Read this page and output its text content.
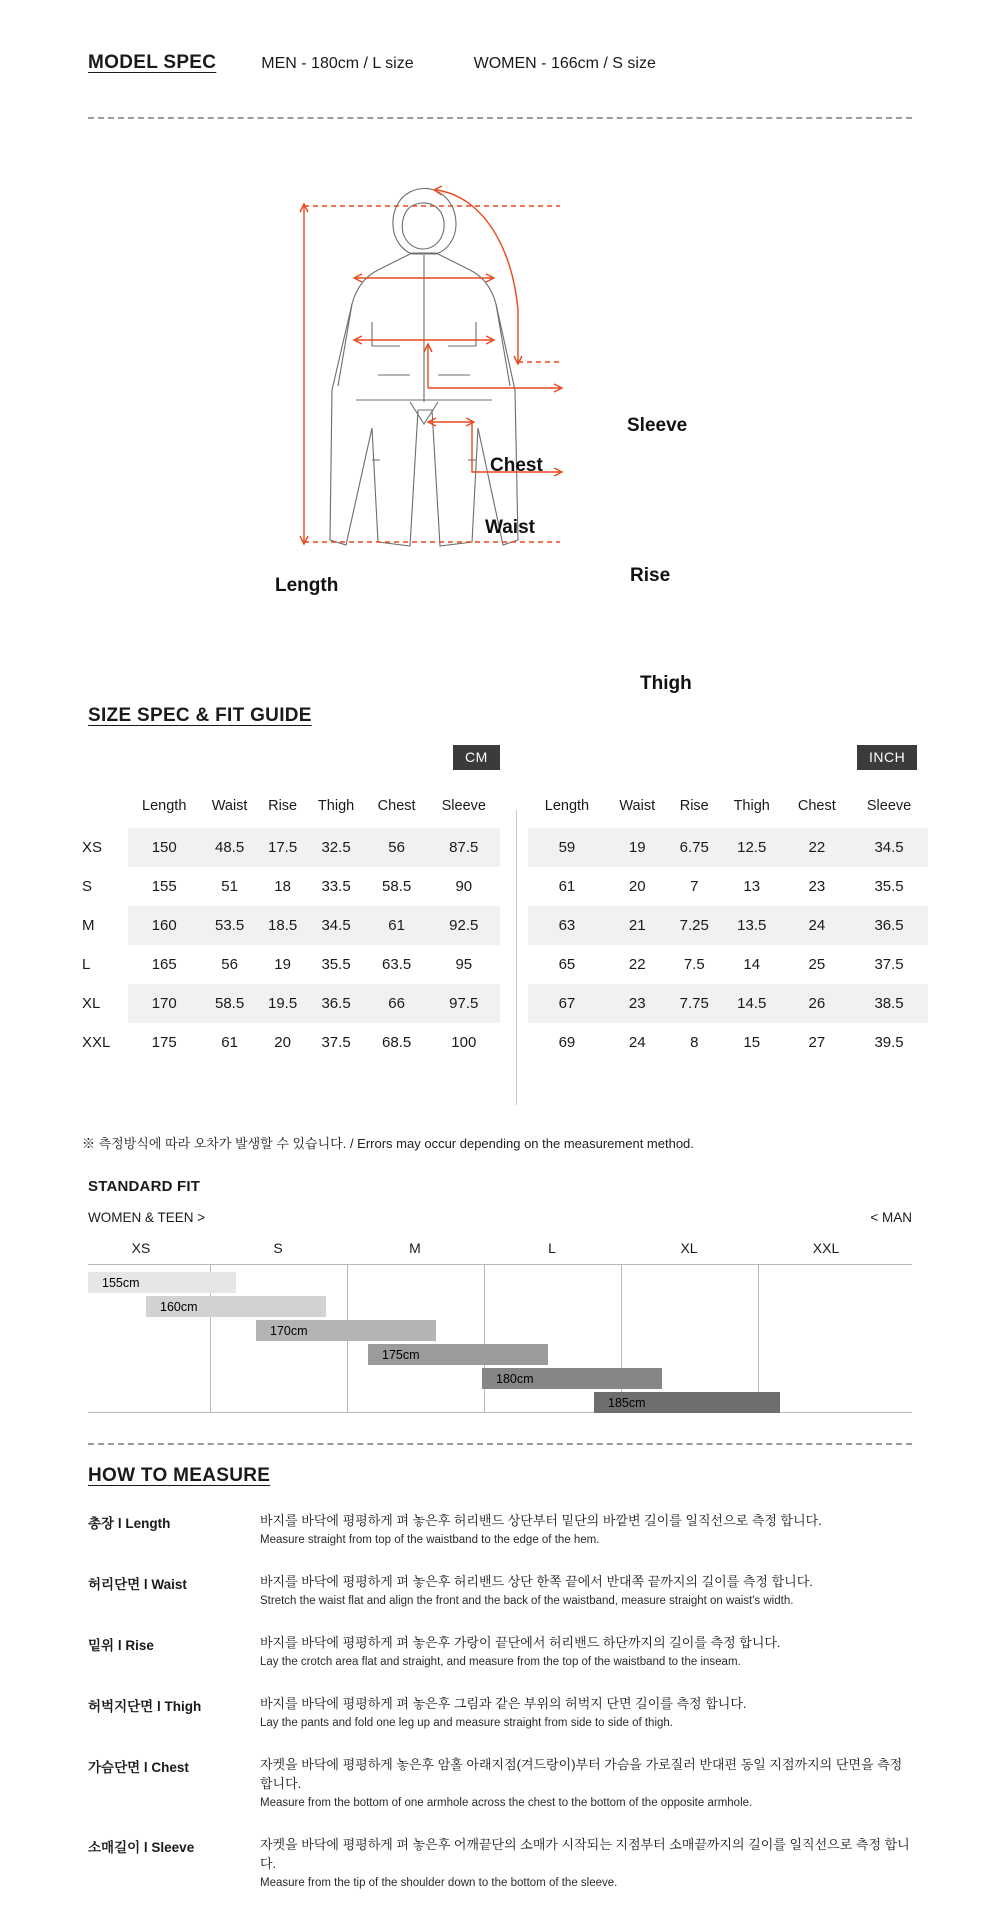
MODEL SPEC	MEN - 180cm / L size	WOMEN - 166cm / S size
Sleeve
Chest
Waist
Length	Rise
Thigh
SIZE SPEC & FIT GUIDE
CM	INCH
	Length	Waist	Rise	Thigh	Chest	Sleeve
XS	150	48.5	17.5	32.5	56	87.5
S	155	51	18	33.5	58.5	90
M	160	53.5	18.5	34.5	61	92.5
L	165	56	19	35.5	63.5	95
XL	170	58.5	19.5	36.5	66	97.5
XXL	175	61	20	37.5	68.5	100
Length	Waist	Rise	Thigh	Chest	Sleeve
59	19	6.75	12.5	22	34.5
61	20	7	13	23	35.5
63	21	7.25	13.5	24	36.5
65	22	7.5	14	25	37.5
67	23	7.75	14.5	26	38.5
69	24	8	15	27	39.5
※ 측정방식에 따라 오차가 발생할 수 있습니다. / Errors may occur depending on the measurement method.
STANDARD FIT
WOMEN & TEEN >	< MAN
XS	S	M	L	XL	XXL
155cm
160cm
170cm
175cm
180cm
185cm
HOW TO MEASURE
총장 l Length	바지를 바닥에 평평하게 펴 놓은후 허리밴드 상단부터 밑단의 바깥변 길이를 일직선으로 측정 합니다.
Measure straight from top of the waistband to the edge of the hem.
허리단면 l Waist	바지를 바닥에 평평하게 펴 놓은후 허리밴드 상단 한쪽 끝에서 반대쪽 끝까지의 길이를 측정 합니다.
Stretch the waist flat and align the front and the back of the waistband, measure straight on waist's width.
밑위 l Rise	바지를 바닥에 평평하게 펴 놓은후 가랑이 끝단에서 허리밴드 하단까지의 길이를 측정 합니다.
Lay the crotch area flat and straight, and measure from the top of the waistband to the inseam.
허벅지단면 l Thigh	바지를 바닥에 평평하게 펴 놓은후 그림과 같은 부위의 허벅지 단면 길이를 측정 합니다.
Lay the pants and fold one leg up and measure straight from side to side of thigh.
가슴단면 l Chest	자켓을 바닥에 평평하게 놓은후 암홀 아래지점(겨드랑이)부터 가슴을 가로질러 반대편 동일 지점까지의 단면을 측정 합니다.
Measure from the bottom of one armhole across the chest to the bottom of the opposite armhole.
소매길이 l Sleeve	자켓을 바닥에 평평하게 펴 놓은후 어깨끝단의 소매가 시작되는 지점부터 소매끝까지의 길이를 일직선으로 측정 합니다.
Measure from the tip of the shoulder down to the bottom of the sleeve.
